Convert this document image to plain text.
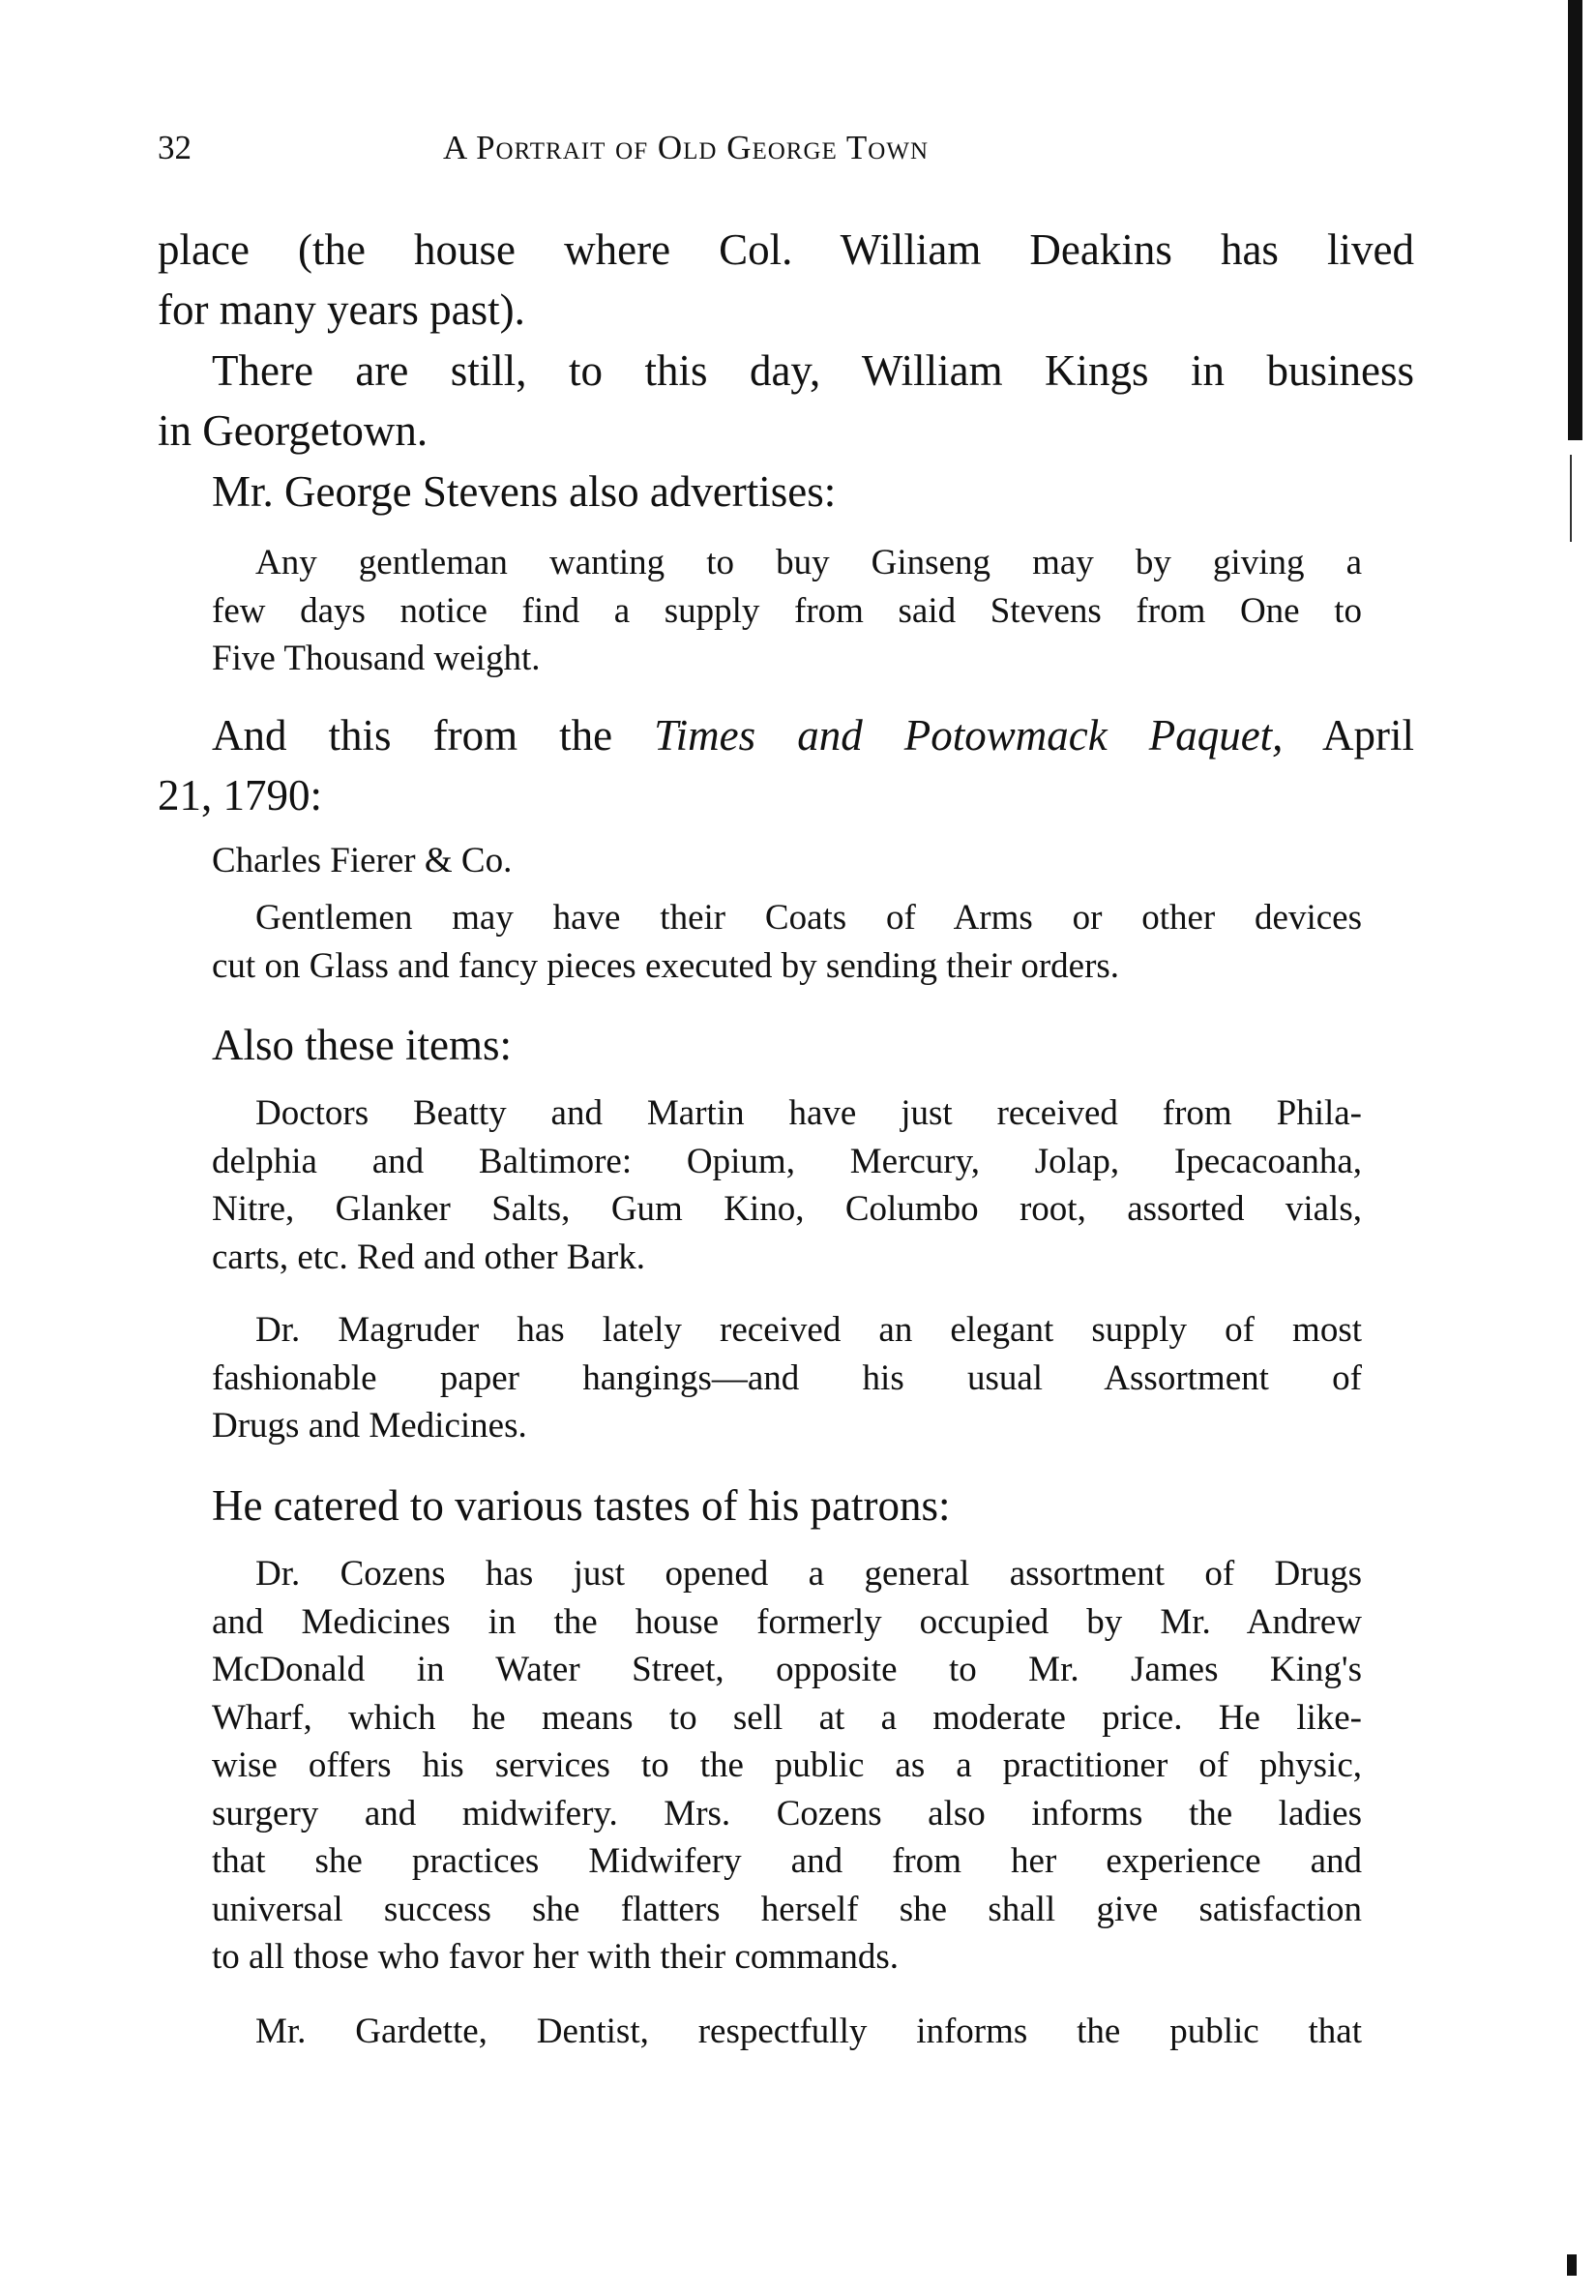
32	A Portrait of Old George Town
place (the house where Col. William Deakins has lived
for many years past).
There are still, to this day, William Kings in business
in Georgetown.
Mr. George Stevens also advertises:
Any gentleman wanting to buy Ginseng may by giving a
few days notice find a supply from said Stevens from One to
Five Thousand weight.
And this from the Times and Potowmack Paquet, April
21, 1790:
Charles Fierer & Co.
Gentlemen may have their Coats of Arms or other devices
cut on Glass and fancy pieces executed by sending their orders.
Also these items:
Doctors Beatty and Martin have just received from Phila-
delphia and Baltimore: Opium, Mercury, Jolap, Ipecacoanha,
Nitre, Glanker Salts, Gum Kino, Columbo root, assorted vials,
carts, etc. Red and other Bark.
Dr. Magruder has lately received an elegant supply of most
fashionable paper hangings—and his usual Assortment of
Drugs and Medicines.
He catered to various tastes of his patrons:
Dr. Cozens has just opened a general assortment of Drugs
and Medicines in the house formerly occupied by Mr. Andrew
McDonald in Water Street, opposite to Mr. James King's
Wharf, which he means to sell at a moderate price. He like-
wise offers his services to the public as a practitioner of physic,
surgery and midwifery. Mrs. Cozens also informs the ladies
that she practices Midwifery and from her experience and
universal success she flatters herself she shall give satisfaction
to all those who favor her with their commands.
Mr. Gardette, Dentist, respectfully informs the public that
